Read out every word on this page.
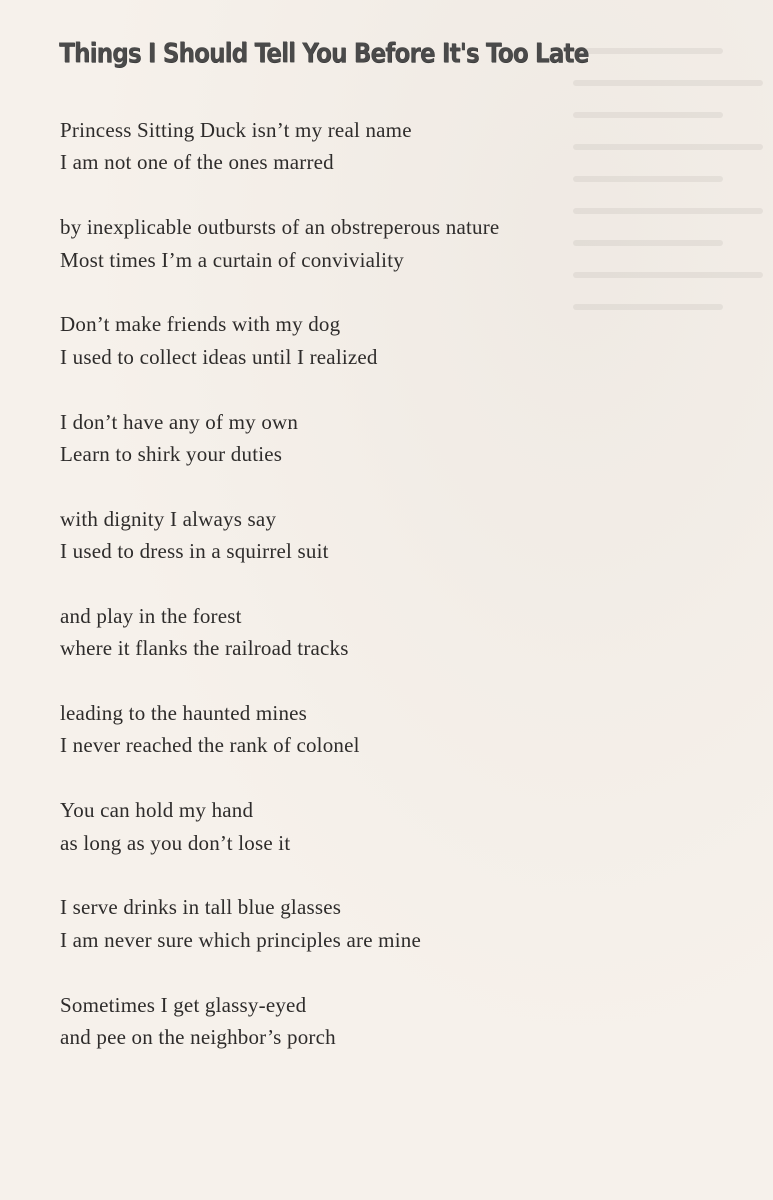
Things I Should Tell You Before It's Too Late
Princess Sitting Duck isn’t my real name
I am not one of the ones marred
by inexplicable outbursts of an obstreperous nature
Most times I’m a curtain of conviviality
Don’t make friends with my dog
I used to collect ideas until I realized
I don’t have any of my own
Learn to shirk your duties
with dignity I always say
I used to dress in a squirrel suit
and play in the forest
where it flanks the railroad tracks
leading to the haunted mines
I never reached the rank of colonel
You can hold my hand
as long as you don’t lose it
I serve drinks in tall blue glasses
I am never sure which principles are mine
Sometimes I get glassy-eyed
and pee on the neighbor’s porch
